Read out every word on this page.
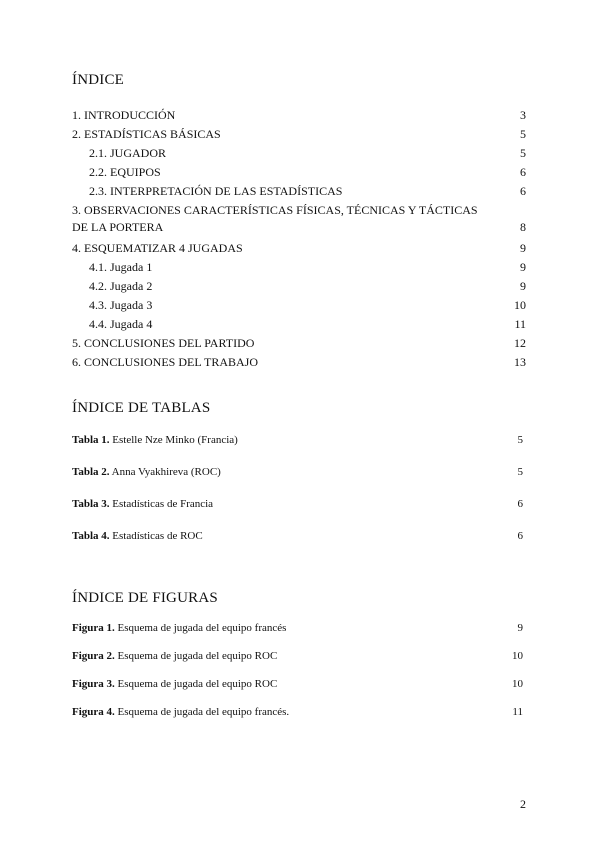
ÍNDICE
1. INTRODUCCIÓN	3
2. ESTADÍSTICAS BÁSICAS	5
2.1. JUGADOR	5
2.2. EQUIPOS	6
2.3. INTERPRETACIÓN DE LAS ESTADÍSTICAS	6
3. OBSERVACIONES CARACTERÍSTICAS FÍSICAS, TÉCNICAS Y TÁCTICAS
DE LA PORTERA	8
4. ESQUEMATIZAR 4 JUGADAS	9
4.1. Jugada 1	9
4.2. Jugada 2	9
4.3. Jugada 3	10
4.4. Jugada 4	11
5. CONCLUSIONES DEL PARTIDO	12
6. CONCLUSIONES DEL TRABAJO	13
ÍNDICE DE TABLAS
Tabla 1. Estelle Nze Minko (Francia)	5
Tabla 2. Anna Vyakhireva (ROC)	5
Tabla 3. Estadísticas de Francia	6
Tabla 4. Estadísticas de ROC	6
ÍNDICE DE FIGURAS
Figura 1. Esquema de jugada del equipo francés	9
Figura 2. Esquema de jugada del equipo ROC	10
Figura 3. Esquema de jugada del equipo ROC	10
Figura 4. Esquema de jugada del equipo francés.	11
2
